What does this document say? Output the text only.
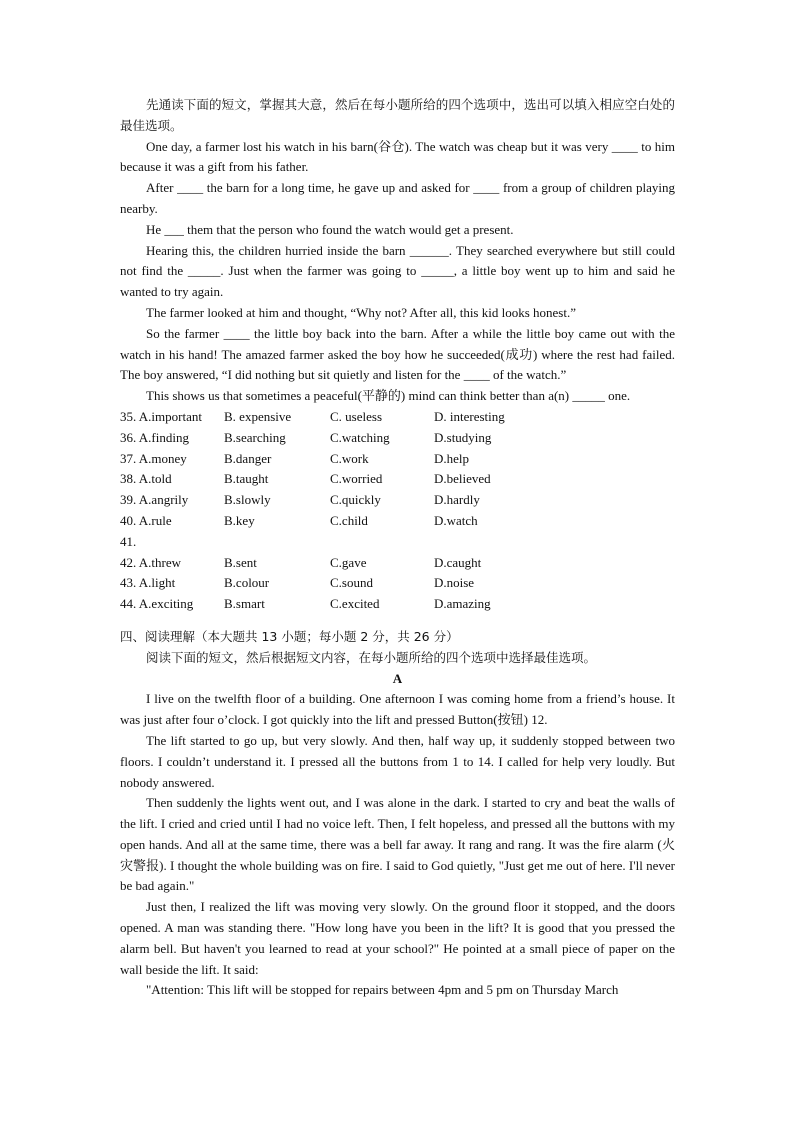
先通读下面的短文，掌握其大意，然后在每小题所给的四个选项中，选出可以填入相应空白处的最佳选项。

One day, a farmer lost his watch in his barn(谷仓). The watch was cheap but it was very ____ to him because it was a gift from his father.

After ____ the barn for a long time, he gave up and asked for ____ from a group of children playing nearby.

He ___ them that the person who found the watch would get a present.

Hearing this, the children hurried inside the barn ______. They searched everywhere but still could not find the _____. Just when the farmer was going to _____, a little boy went up to him and said he wanted to try again.

The farmer looked at him and thought, “Why not? After all, this kid looks honest.”

So the farmer ____ the little boy back into the barn. After a while the little boy came out with the watch in his hand! The amazed farmer asked the boy how he succeeded(成功) where the rest had failed. The boy answered, “I did nothing but sit quietly and listen for the ____ of the watch.”

This shows us that sometimes a peaceful(平静的) mind can think better than a(n) _____ one.

35. A.important	B. expensive	C. useless	D. interesting
36. A.finding	B.searching	C.watching	D.studying
37. A.money	B.danger	C.work	D.help
38. A.told	B.taught	C.worried	D.believed
39. A.angrily	B.slowly	C.quickly	D.hardly
40. A.rule	B.key	C.child	D.watch
41.
42. A.threw	B.sent	C.gave	D.caught
43. A.light	B.colour	C.sound	D.noise
44. A.exciting	B.smart	C.excited	D.amazing

四、阅读理解（本大题共 13 小题；每小题 2 分，共 26 分）

阅读下面的短文，然后根据短文内容，在每小题所给的四个选项中选择最佳选项。

A

I live on the twelfth floor of a building. One afternoon I was coming home from a friend’s house. It was just after four o’clock. I got quickly into the lift and pressed Button(按钮) 12.

The lift started to go up, but very slowly. And then, half way up, it suddenly stopped between two floors. I couldn’t understand it. I pressed all the buttons from 1 to 14. I called for help very loudly. But nobody answered.

Then suddenly the lights went out, and I was alone in the dark. I started to cry and beat the walls of the lift. I cried and cried until I had no voice left. Then, I felt hopeless, and pressed all the buttons with my open hands. And all at the same time, there was a bell far away. It rang and rang. It was the fire alarm (火灾警报). I thought the whole building was on fire. I said to God quietly, "Just get me out of here. I'll never be bad again."

Just then, I realized the lift was moving very slowly. On the ground floor it stopped, and the doors opened. A man was standing there. "How long have you been in the lift? It is good that you pressed the alarm bell. But haven't you learned to read at your school?" He pointed at a small piece of paper on the wall beside the lift. It said:

"Attention: This lift will be stopped for repairs between 4pm and 5 pm on Thursday March
